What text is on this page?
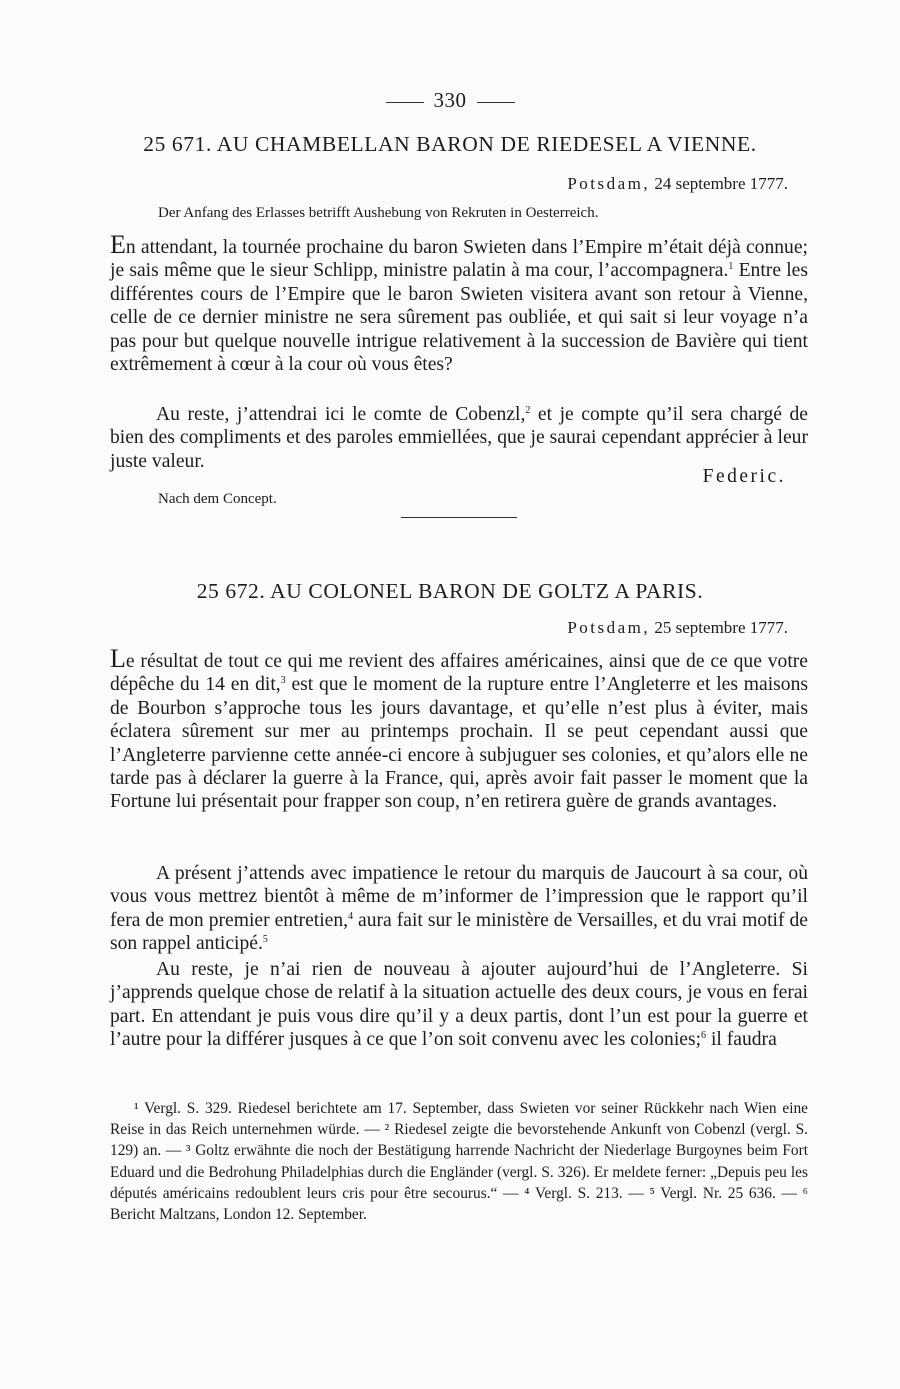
330
25 671. AU CHAMBELLAN BARON DE RIEDESEL A VIENNE.
Potsdam, 24 septembre 1777.
Der Anfang des Erlasses betrifft Aushebung von Rekruten in Oesterreich.

En attendant, la tournée prochaine du baron Swieten dans l’Empire m’était déjà connue; je sais même que le sieur Schlipp, ministre palatin à ma cour, l’accompagnera.$^1$ Entre les différentes cours de l’Empire que le baron Swieten visitera avant son retour à Vienne, celle de ce dernier ministre ne sera sûrement pas oubliée, et qui sait si leur voyage n’a pas pour but quelque nouvelle intrigue relativement à la succession de Bavière qui tient extrêmement à cœur à la cour où vous êtes?

Au reste, j’attendrai ici le comte de Cobenzl,$^2$ et je compte qu’il sera chargé de bien des compliments et des paroles emmiellées, que je saurai cependant apprécier à leur juste valeur.

Federic.
Nach dem Concept.
25 672. AU COLONEL BARON DE GOLTZ A PARIS.
Potsdam, 25 septembre 1777.

Le résultat de tout ce qui me revient des affaires américaines, ainsi que de ce que votre dépêche du 14 en dit,$^3$ est que le moment de la rupture entre l’Angleterre et les maisons de Bourbon s’approche tous les jours davantage, et qu’elle n’est plus à éviter, mais éclatera sûrement sur mer au printemps prochain. Il se peut cependant aussi que l’Angleterre parvienne cette année-ci encore à subjuguer ses colonies, et qu’alors elle ne tarde pas à déclarer la guerre à la France, qui, après avoir fait passer le moment que la Fortune lui présentait pour frapper son coup, n’en retirera guère de grands avantages.

A présent j’attends avec impatience le retour du marquis de Jaucourt à sa cour, où vous vous mettrez bientôt à même de m’informer de l’impression que le rapport qu’il fera de mon premier entretien,$^4$ aura fait sur le ministère de Versailles, et du vrai motif de son rappel anticipé.$^5$

Au reste, je n’ai rien de nouveau à ajouter aujourd’hui de l’Angleterre. Si j’apprends quelque chose de relatif à la situation actuelle des deux cours, je vous en ferai part. En attendant je puis vous dire qu’il y a deux partis, dont l’un est pour la guerre et l’autre pour la différer jusques à ce que l’on soit convenu avec les colonies;$^6$ il faudra

¹ Vergl. S. 329. Riedesel berichtete am 17. September, dass Swieten vor seiner Rückkehr nach Wien eine Reise in das Reich unternehmen würde. — ² Riedesel zeigte die bevorstehende Ankunft von Cobenzl (vergl. S. 129) an. — ³ Goltz erwähnte die noch der Bestätigung harrende Nachricht der Niederlage Burgoynes beim Fort Eduard und die Bedrohung Philadelphias durch die Engländer (vergl. S. 326). Er meldete ferner: „Depuis peu les députés américains redoublent leurs cris pour être secourus.“ — ⁴ Vergl. S. 213. — ⁵ Vergl. Nr. 25 636. — ⁶ Bericht Maltzans, London 12. September.
